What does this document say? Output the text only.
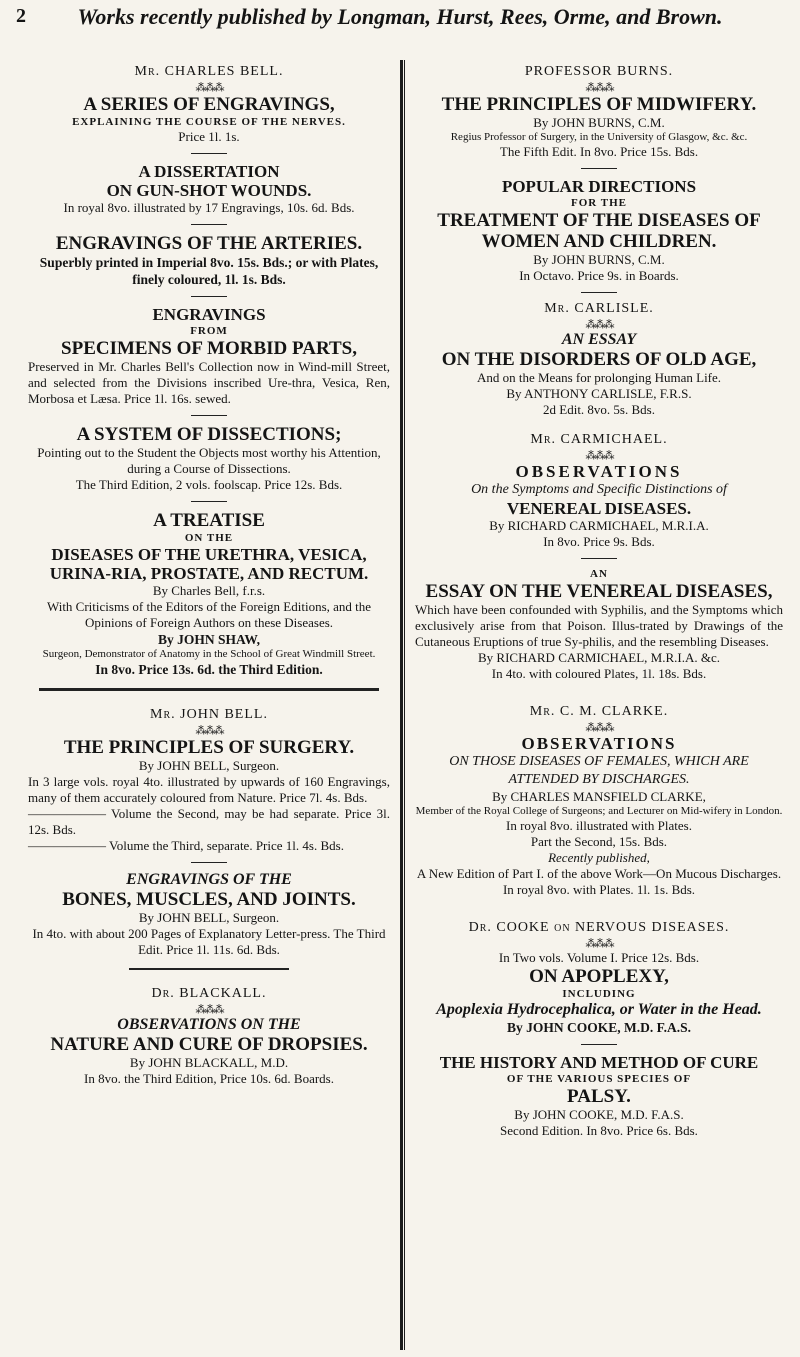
2	Works recently published by Longman, Hurst, Rees, Orme, and Brown.
Mr. CHARLES BELL.
⁂⁂⁂
A SERIES OF ENGRAVINGS,
EXPLAINING THE COURSE OF THE NERVES.
Price 1l. 1s.
A DISSERTATION
ON GUN-SHOT WOUNDS.
In royal 8vo. illustrated by 17 Engravings, 10s. 6d. Bds.
ENGRAVINGS OF THE ARTERIES.
Superbly printed in Imperial 8vo. 15s. Bds.; or with Plates, finely coloured, 1l. 1s. Bds.
ENGRAVINGS
FROM
SPECIMENS OF MORBID PARTS,
Preserved in Mr. Charles Bell's Collection now in Wind-mill Street, and selected from the Divisions inscribed Ure-thra, Vesica, Ren, Morbosa et Læsa. Price 1l. 16s. sewed.
A SYSTEM OF DISSECTIONS;
Pointing out to the Student the Objects most worthy his Attention, during a Course of Dissections.
The Third Edition, 2 vols. foolscap. Price 12s. Bds.
A TREATISE
ON THE
DISEASES OF THE URETHRA, VESICA, URINA-RIA, PROSTATE, AND RECTUM.
By Charles Bell, f.r.s.
With Criticisms of the Editors of the Foreign Editions, and the Opinions of Foreign Authors on these Diseases.
By JOHN SHAW,
Surgeon, Demonstrator of Anatomy in the School of Great Windmill Street.
In 8vo. Price 13s. 6d. the Third Edition.
Mr. JOHN BELL.
⁂⁂⁂
THE PRINCIPLES OF SURGERY.
By JOHN BELL, Surgeon.
In 3 large vols. royal 4to. illustrated by upwards of 160 Engravings, many of them accurately coloured from Nature. Price 7l. 4s. Bds.
—————— Volume the Second, may be had separate. Price 3l. 12s. Bds.
—————— Volume the Third, separate. Price 1l. 4s. Bds.
ENGRAVINGS OF THE
BONES, MUSCLES, AND JOINTS.
By JOHN BELL, Surgeon.
In 4to. with about 200 Pages of Explanatory Letter-press. The Third Edit. Price 1l. 11s. 6d. Bds.
Dr. BLACKALL.
⁂⁂⁂
OBSERVATIONS ON THE
NATURE AND CURE OF DROPSIES.
By JOHN BLACKALL, M.D.
In 8vo. the Third Edition, Price 10s. 6d. Boards.
PROFESSOR BURNS.
⁂⁂⁂
THE PRINCIPLES OF MIDWIFERY.
By JOHN BURNS, C.M.
Regius Professor of Surgery, in the University of Glasgow, &c. &c.
The Fifth Edit. In 8vo. Price 15s. Bds.
POPULAR DIRECTIONS
FOR THE
TREATMENT OF THE DISEASES OF WOMEN AND CHILDREN.
By JOHN BURNS, C.M.
In Octavo. Price 9s. in Boards.
Mr. CARLISLE.
⁂⁂⁂
AN ESSAY
ON THE DISORDERS OF OLD AGE,
And on the Means for prolonging Human Life.
By ANTHONY CARLISLE, F.R.S.
2d Edit. 8vo. 5s. Bds.
Mr. CARMICHAEL.
⁂⁂⁂
OBSERVATIONS
On the Symptoms and Specific Distinctions of
VENEREAL DISEASES.
By RICHARD CARMICHAEL, M.R.I.A.
In 8vo. Price 9s. Bds.
AN
ESSAY ON THE VENEREAL DISEASES,
Which have been confounded with Syphilis, and the Symptoms which exclusively arise from that Poison. Illus-trated by Drawings of the Cutaneous Eruptions of true Sy-philis, and the resembling Diseases.
By RICHARD CARMICHAEL, M.R.I.A. &c.
In 4to. with coloured Plates, 1l. 18s. Bds.
Mr. C. M. CLARKE.
⁂⁂⁂
OBSERVATIONS
ON THOSE DISEASES OF FEMALES, WHICH ARE ATTENDED BY DISCHARGES.
By CHARLES MANSFIELD CLARKE,
Member of the Royal College of Surgeons; and Lecturer on Mid-wifery in London.
In royal 8vo. illustrated with Plates.
Part the Second, 15s. Bds.
Recently published,
A New Edition of Part I. of the above Work—On Mucous Discharges. In royal 8vo. with Plates. 1l. 1s. Bds.
Dr. COOKE on NERVOUS DISEASES.
⁂⁂⁂
In Two vols. Volume I. Price 12s. Bds.
ON APOPLEXY,
INCLUDING
Apoplexia Hydrocephalica, or Water in the Head.
By JOHN COOKE, M.D. F.A.S.
THE HISTORY AND METHOD OF CURE
OF THE VARIOUS SPECIES OF
PALSY.
By JOHN COOKE, M.D. F.A.S.
Second Edition. In 8vo. Price 6s. Bds.
